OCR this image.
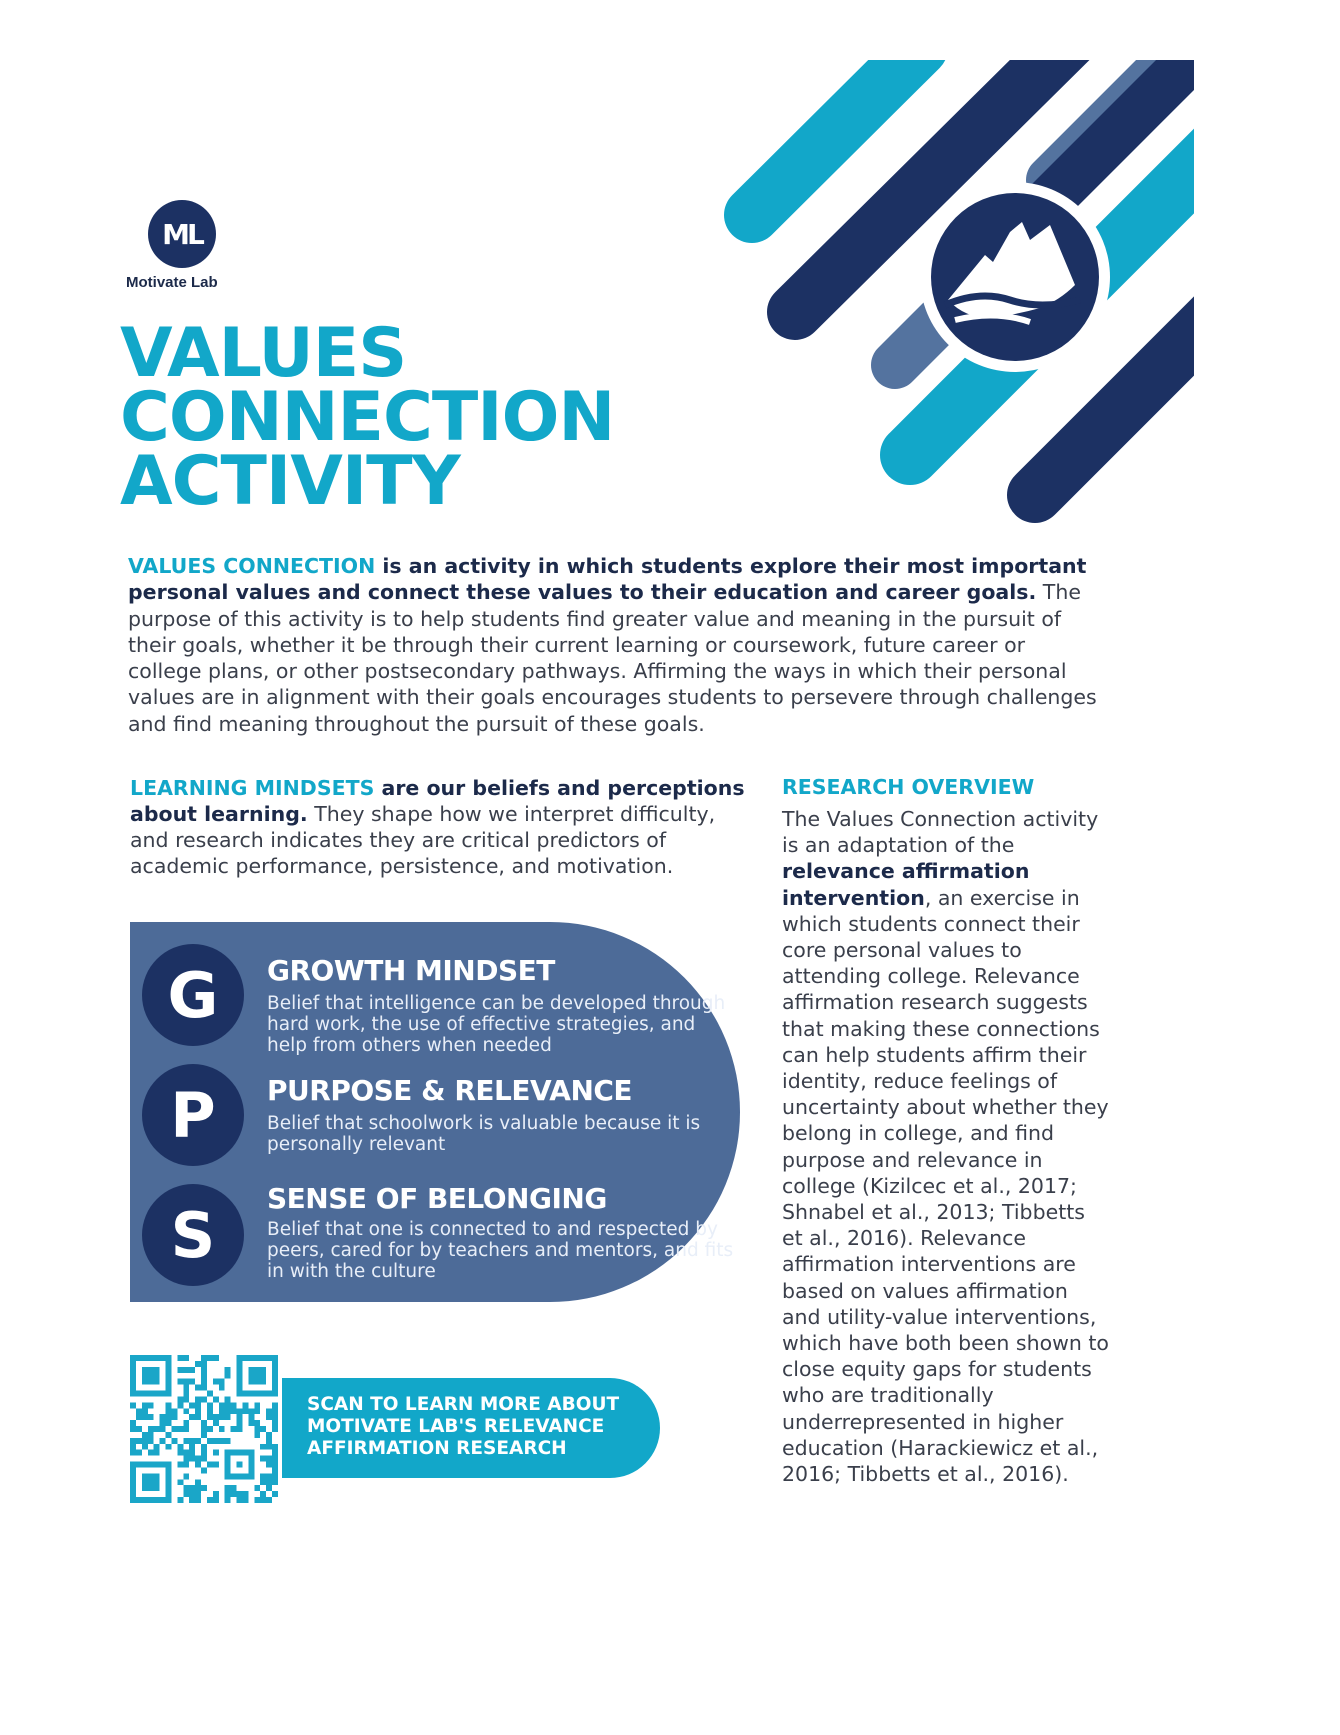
ML
Motivate Lab
VALUES
CONNECTION
ACTIVITY

VALUES CONNECTION is an activity in which students explore their most important personal values and connect these values to their education and career goals. The purpose of this activity is to help students find greater value and meaning in the pursuit of their goals, whether it be through their current learning or coursework, future career or college plans, or other postsecondary pathways. Affirming the ways in which their personal values are in alignment with their goals encourages students to persevere through challenges and find meaning throughout the pursuit of these goals.

LEARNING MINDSETS are our beliefs and perceptions about learning. They shape how we interpret difficulty, and research indicates they are critical predictors of academic performance, persistence, and motivation.

G	GROWTH MINDSET
Belief that intelligence can be developed through hard work, the use of effective strategies, and help from others when needed
P	PURPOSE & RELEVANCE
Belief that schoolwork is valuable because it is personally relevant
S	SENSE OF BELONGING
Belief that one is connected to and respected by peers, cared for by teachers and mentors, and fits in with the culture
SCAN TO LEARN MORE ABOUT MOTIVATE LAB'S RELEVANCE AFFIRMATION RESEARCH
RESEARCH OVERVIEW

The Values Connection activity is an adaptation of the relevance affirmation intervention, an exercise in which students connect their core personal values to attending college. Relevance affirmation research suggests that making these connections can help students affirm their identity, reduce feelings of uncertainty about whether they belong in college, and find purpose and relevance in college (Kizilcec et al., 2017; Shnabel et al., 2013; Tibbetts et al., 2016). Relevance affirmation interventions are based on values affirmation and utility-value interventions, which have both been shown to close equity gaps for students who are traditionally underrepresented in higher education (Harackiewicz et al., 2016; Tibbetts et al., 2016).
